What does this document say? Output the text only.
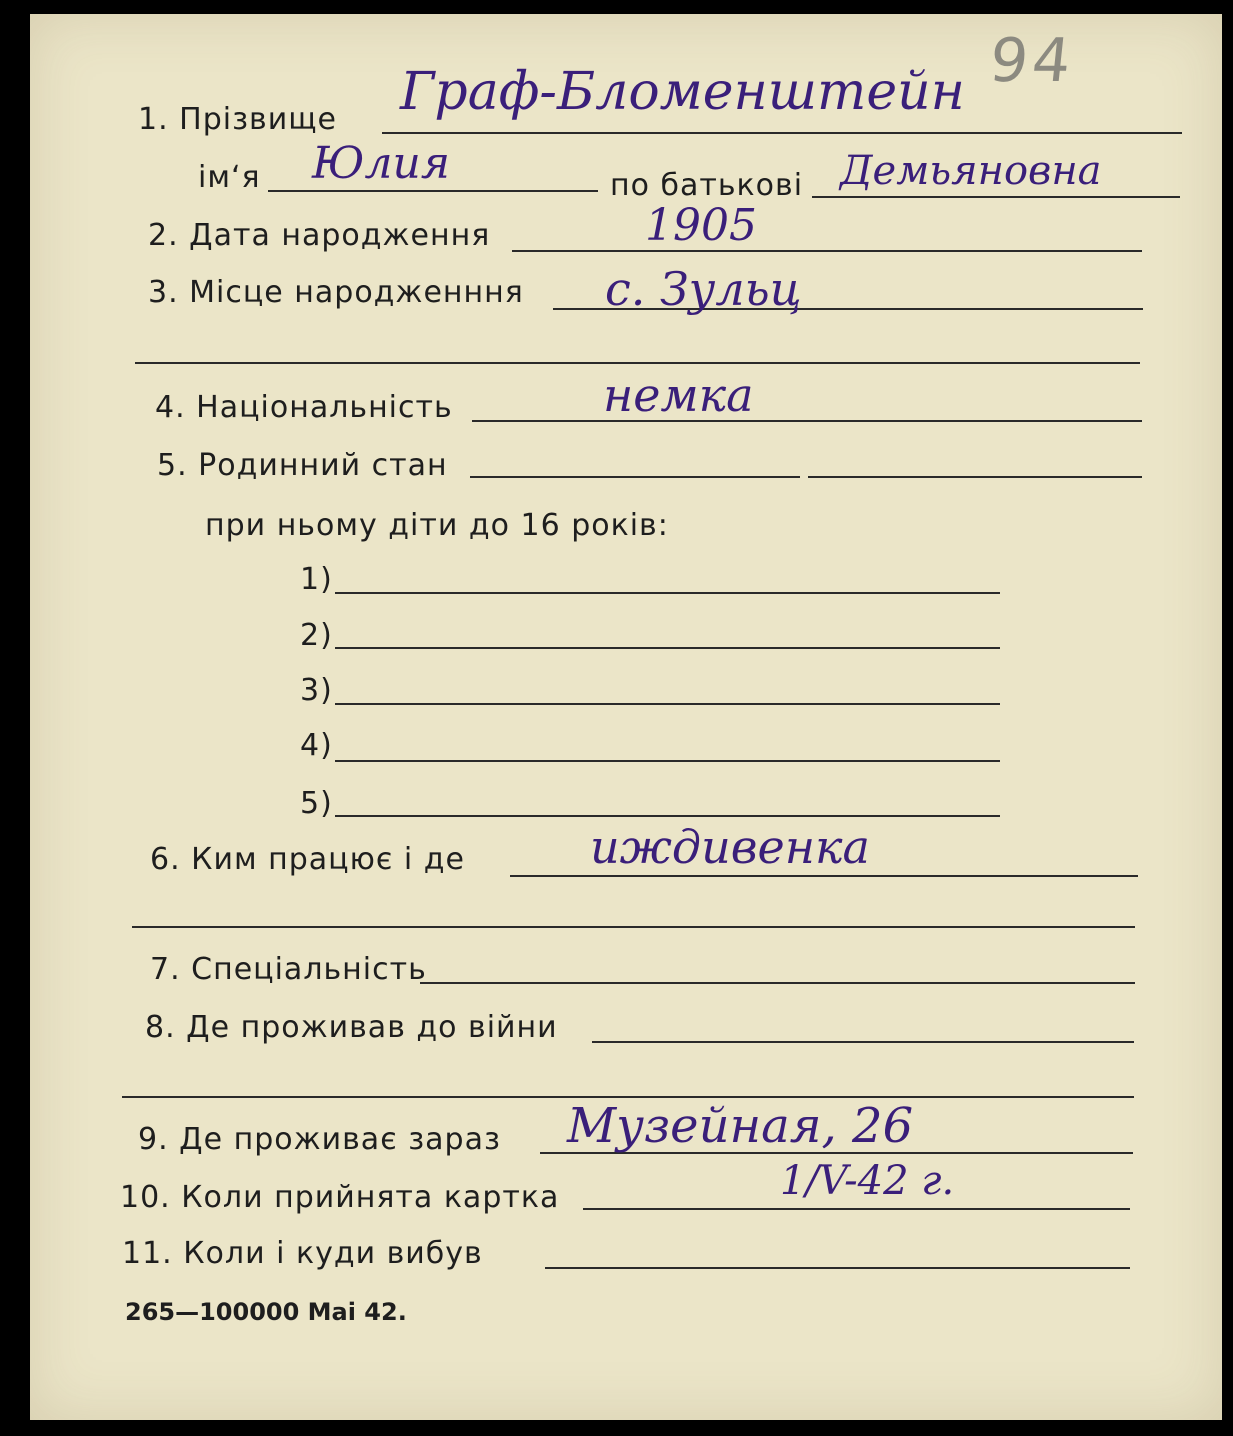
94
1. Прізвище Граф-Бломенштейн
ім‘я Юлия	по батькові Демьяновна
2. Дата народження	1905
3. Місце народженння с. Зульц
4. Національність	немка
5. Родинний стан
при ньому діти до 16 років:
1)
2)
3)
4)
5)
6. Ким працює і де	иждивенка
7. Спеціальність
8. Де проживав до війни
9. Де проживає зараз Музейная, 26
10. Коли прийнята картка	1/V-42 г.
11. Коли і куди вибув
265—100000 Maі 42.
